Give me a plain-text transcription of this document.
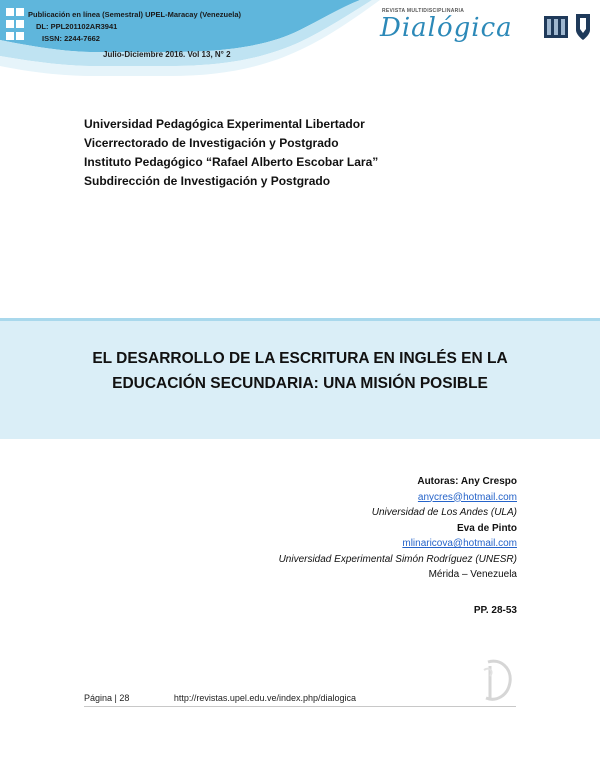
Publicación en línea (Semestral) UPEL-Maracay (Venezuela)
DL: PPL201102AR3941
ISSN: 2244-7662
Julio-Diciembre 2016. Vol 13, N° 2
REVISTA MULTIDISCIPLINARIA
Dialógica
Universidad Pedagógica Experimental Libertador
Vicerrectorado de Investigación y Postgrado
Instituto Pedagógico “Rafael Alberto Escobar Lara”
Subdirección de Investigación y Postgrado
EL DESARROLLO DE LA ESCRITURA EN INGLÉS EN LA
EDUCACIÓN SECUNDARIA: UNA MISIÓN POSIBLE
Autoras: Any Crespo
anycres@hotmail.com
Universidad de Los Andes (ULA)
Eva de Pinto
mlinaricova@hotmail.com
Universidad Experimental Simón Rodríguez (UNESR)
Mérida – Venezuela
PP. 28-53
Página | 28	http://revistas.upel.edu.ve/index.php/dialogica
